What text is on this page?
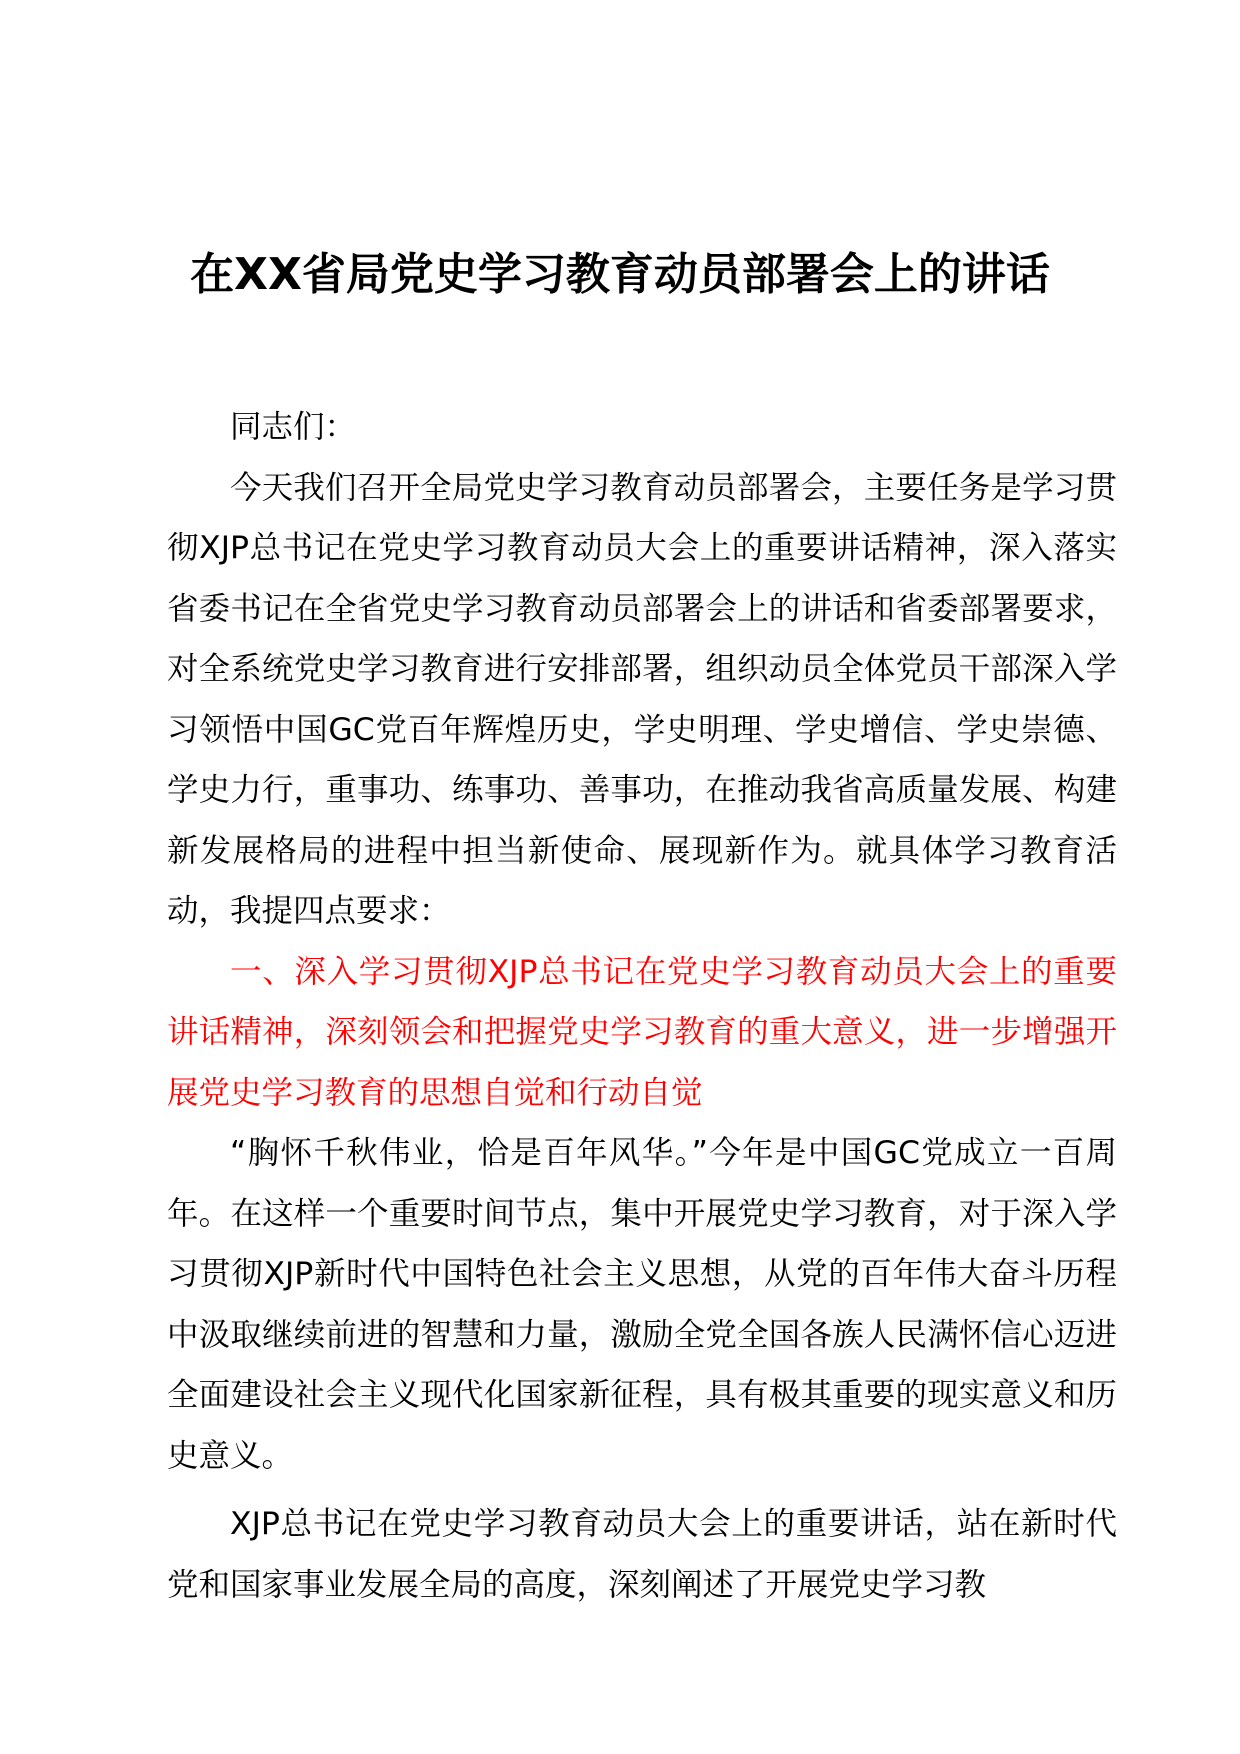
在XX省局党史学习教育动员部署会上的讲话

同志们：

今天我们召开全局党史学习教育动员部署会，主要任务是学习贯彻XJP总书记在党史学习教育动员大会上的重要讲话精神，深入落实省委书记在全省党史学习教育动员部署会上的讲话和省委部署要求，对全系统党史学习教育进行安排部署，组织动员全体党员干部深入学习领悟中国GC党百年辉煌历史，学史明理、学史增信、学史崇德、学史力行，重事功、练事功、善事功，在推动我省高质量发展、构建新发展格局的进程中担当新使命、展现新作为。就具体学习教育活动，我提四点要求：

一、深入学习贯彻XJP总书记在党史学习教育动员大会上的重要讲话精神，深刻领会和把握党史学习教育的重大意义，进一步增强开展党史学习教育的思想自觉和行动自觉

“胸怀千秋伟业，恰是百年风华。”今年是中国GC党成立一百周年。在这样一个重要时间节点，集中开展党史学习教育，对于深入学习贯彻XJP新时代中国特色社会主义思想，从党的百年伟大奋斗历程中汲取继续前进的智慧和力量，激励全党全国各族人民满怀信心迈进全面建设社会主义现代化国家新征程，具有极其重要的现实意义和历史意义。

XJP总书记在党史学习教育动员大会上的重要讲话，站在新时代党和国家事业发展全局的高度，深刻阐述了开展党史学习教
